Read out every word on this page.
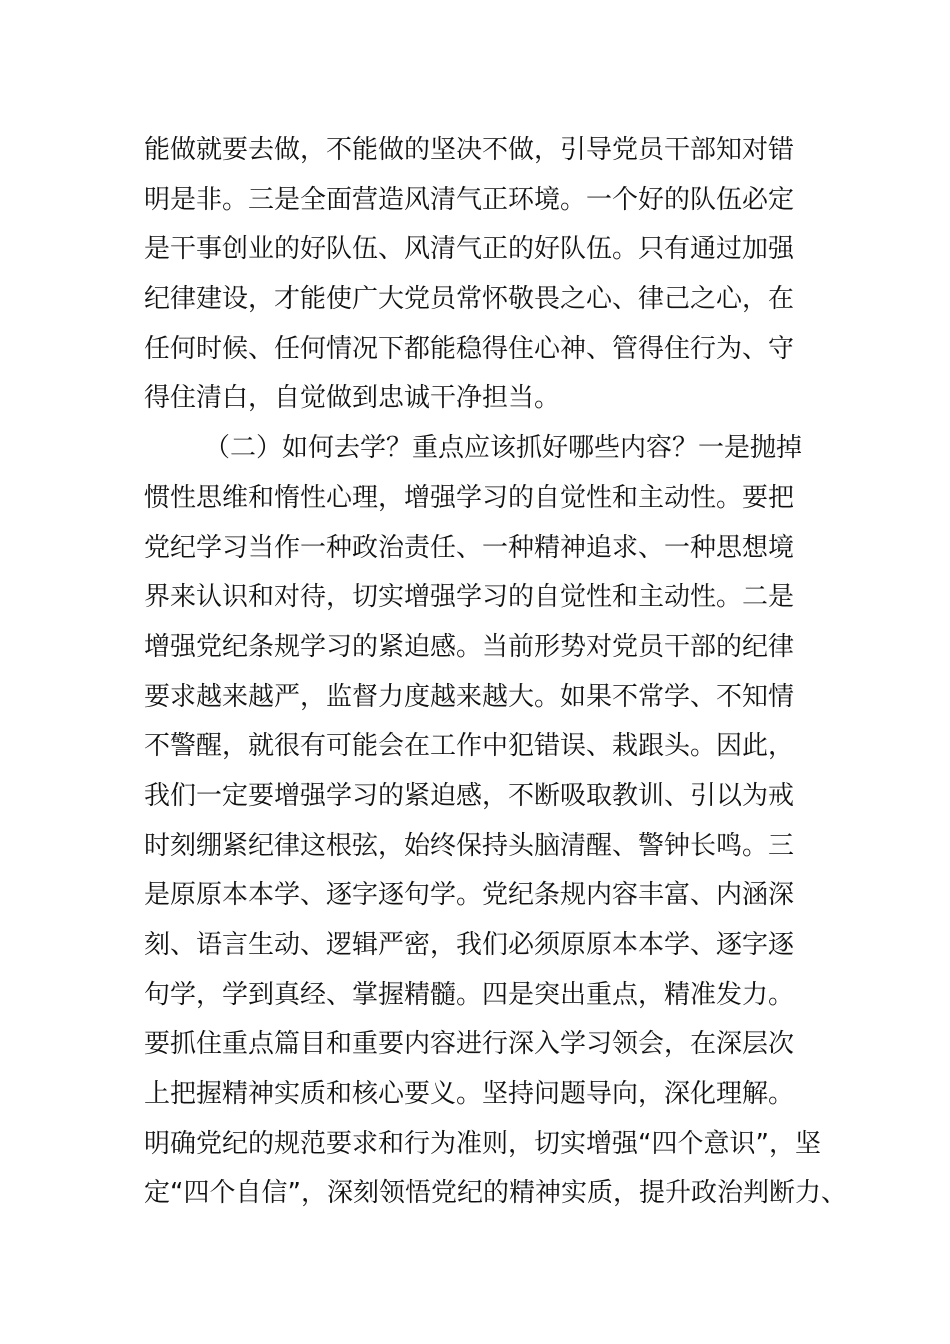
能做就要去做，不能做的坚决不做，引导党员干部知对错
明是非。三是全面营造风清气正环境。一个好的队伍必定
是干事创业的好队伍、风清气正的好队伍。只有通过加强
纪律建设，才能使广大党员常怀敬畏之心、律己之心，在
任何时候、任何情况下都能稳得住心神、管得住行为、守
得住清白，自觉做到忠诚干净担当。
（二）如何去学？重点应该抓好哪些内容？一是抛掉
惯性思维和惰性心理，增强学习的自觉性和主动性。要把
党纪学习当作一种政治责任、一种精神追求、一种思想境
界来认识和对待，切实增强学习的自觉性和主动性。二是
增强党纪条规学习的紧迫感。当前形势对党员干部的纪律
要求越来越严，监督力度越来越大。如果不常学、不知情
不警醒，就很有可能会在工作中犯错误、栽跟头。因此，
我们一定要增强学习的紧迫感，不断吸取教训、引以为戒
时刻绷紧纪律这根弦，始终保持头脑清醒、警钟长鸣。三
是原原本本学、逐字逐句学。党纪条规内容丰富、内涵深
刻、语言生动、逻辑严密，我们必须原原本本学、逐字逐
句学，学到真经、掌握精髓。四是突出重点，精准发力。
要抓住重点篇目和重要内容进行深入学习领会，在深层次
上把握精神实质和核心要义。坚持问题导向，深化理解。
明确党纪的规范要求和行为准则，切实增强“四个意识”，坚
定“四个自信”，深刻领悟党纪的精神实质，提升政治判断力、
